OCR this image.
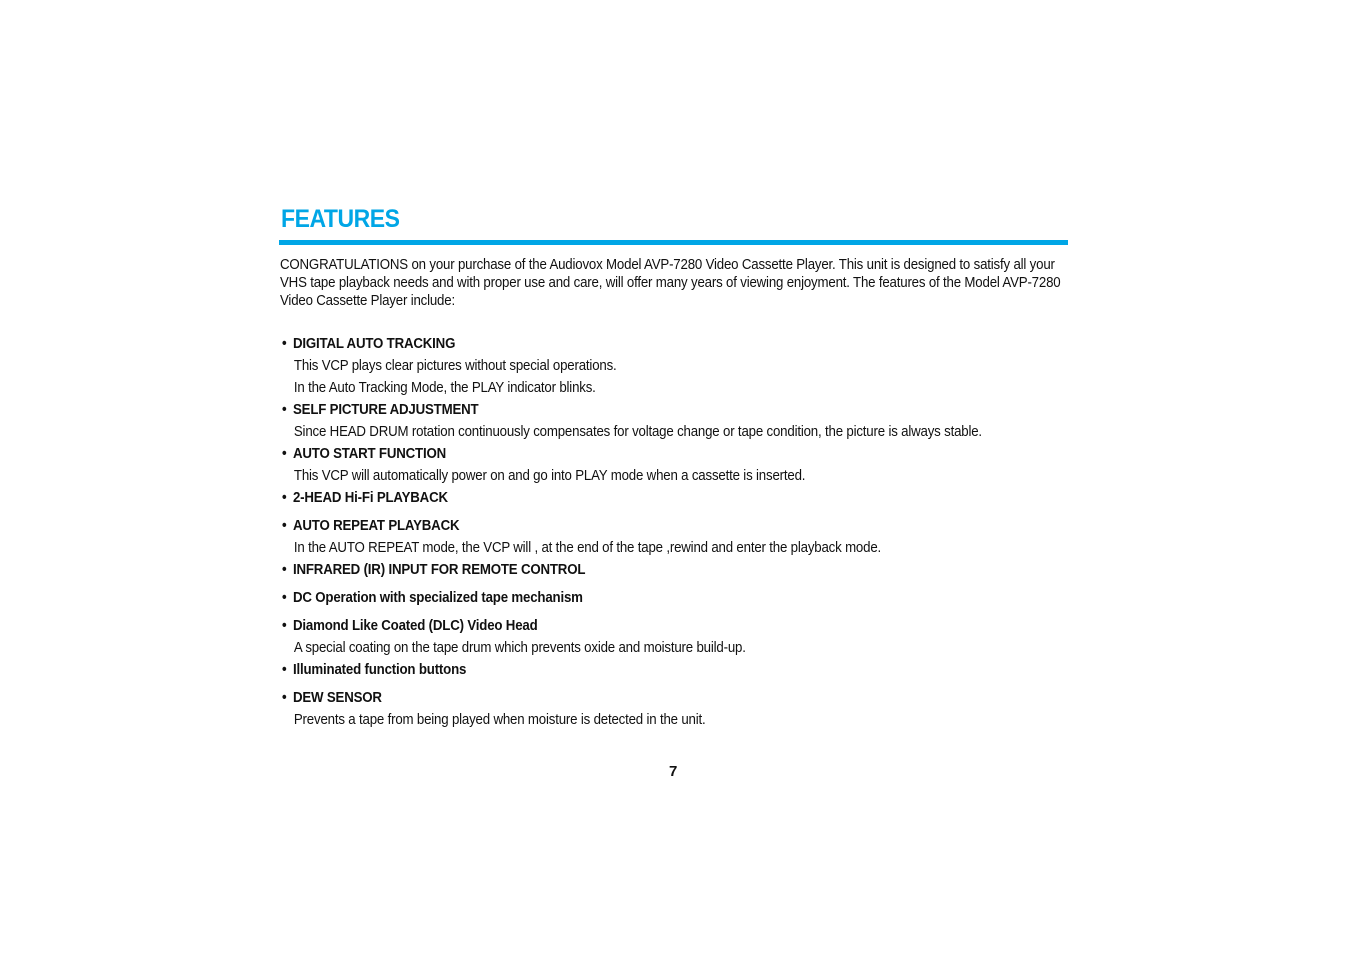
FEATURES

CONGRATULATIONS on your purchase of the Audiovox Model AVP-7280 Video Cassette Player. This unit is designed to satisfy all your VHS tape playback needs and with proper use and care, will offer many years of viewing enjoyment. The features of the Model AVP-7280 Video Cassette Player include:

• DIGITAL AUTO TRACKING
This VCP plays clear pictures without special operations.
In the Auto Tracking Mode, the PLAY indicator blinks.
• SELF PICTURE ADJUSTMENT
Since HEAD DRUM rotation continuously compensates for voltage change or tape condition, the picture is always stable.
• AUTO START FUNCTION
This VCP will automatically power on and go into PLAY mode when a cassette is inserted.
• 2-HEAD Hi-Fi PLAYBACK
• AUTO REPEAT PLAYBACK
In the AUTO REPEAT mode, the VCP will , at the end of the tape ,rewind and enter the playback mode.
• INFRARED (IR) INPUT FOR REMOTE CONTROL
• DC Operation with specialized tape mechanism
• Diamond Like Coated (DLC) Video Head
A special coating on the tape drum which prevents oxide and moisture build-up.
• Illuminated function buttons
• DEW SENSOR
Prevents a tape from being played when moisture is detected in the unit.
7
